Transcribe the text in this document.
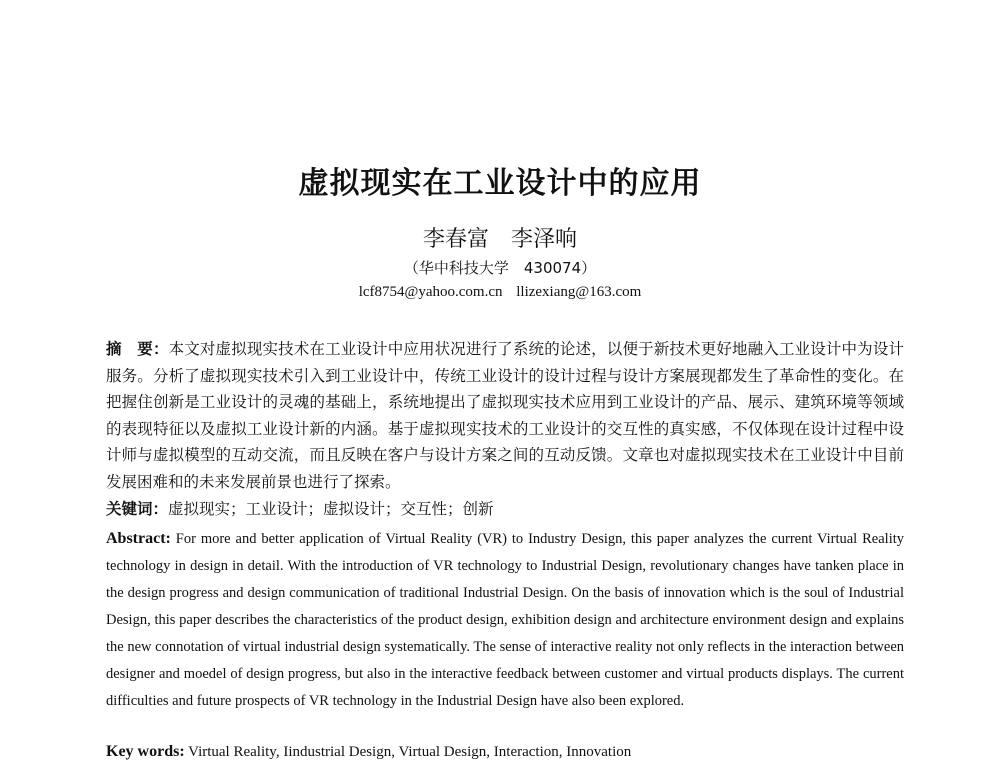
虚拟现实在工业设计中的应用
李春富　李泽响
（华中科技大学　430074）
lcf8754@yahoo.com.cn llizexiang@163.com
摘　要：本文对虚拟现实技术在工业设计中应用状况进行了系统的论述，以便于新技术更好地融入工业设计中为设计服务。分析了虚拟现实技术引入到工业设计中，传统工业设计的设计过程与设计方案展现都发生了革命性的变化。在把握住创新是工业设计的灵魂的基础上，系统地提出了虚拟现实技术应用到工业设计的产品、展示、建筑环境等领域的表现特征以及虚拟工业设计新的内涵。基于虚拟现实技术的工业设计的交互性的真实感，不仅体现在设计过程中设计师与虚拟模型的互动交流，而且反映在客户与设计方案之间的互动反馈。文章也对虚拟现实技术在工业设计中目前发展困难和的未来发展前景也进行了探索。
关键词：虚拟现实；工业设计；虚拟设计；交互性；创新
Abstract: For more and better application of Virtual Reality (VR) to Industry Design, this paper analyzes the current Virtual Reality technology in design in detail. With the introduction of VR technology to Industrial Design, revolutionary changes have tanken place in the design progress and design communication of traditional Industrial Design. On the basis of innovation which is the soul of Industrial Design, this paper describes the characteristics of the product design, exhibition design and architecture environment design and explains the new connotation of virtual industrial design systematically. The sense of interactive reality not only reflects in the interaction between designer and moedel of design progress, but also in the interactive feedback between customer and virtual products displays. The current difficulties and future prospects of VR technology in the Industrial Design have also been explored.
Key words: Virtual Reality, Iindustrial Design, Virtual Design, Interaction, Innovation
